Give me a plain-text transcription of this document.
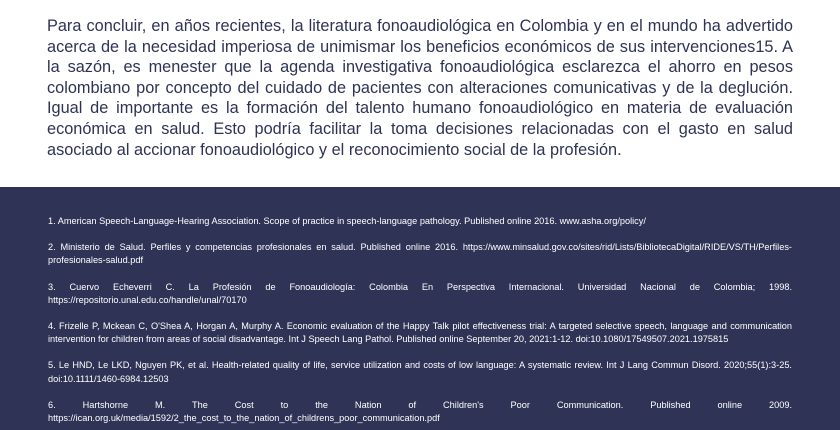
Para concluir, en años recientes, la literatura fonoaudiológica en Colombia y en el mundo ha advertido acerca de la necesidad imperiosa de unimismar los beneficios económicos de sus intervenciones15. A la sazón, es menester que la agenda investigativa fonoaudiológica esclarezca el ahorro en pesos colombiano por concepto del cuidado de pacientes con alteraciones comunicativas y de la deglución. Igual de importante es la formación del talento humano fonoaudiológico en materia de evaluación económica en salud. Esto podría facilitar la toma decisiones relacionadas con el gasto en salud asociado al accionar fonoaudiológico y el reconocimiento social de la profesión.

1. American Speech-Language-Hearing Association. Scope of practice in speech-language pathology. Published online 2016. www.asha.org/policy/

2. Ministerio de Salud. Perfiles y competencias profesionales en salud. Published online 2016. https://www.minsalud.gov.co/sites/rid/Lists/BibliotecaDigital/RIDE/VS/TH/Perfiles-profesionales-salud.pdf

3. Cuervo Echeverri C. La Profesión de Fonoaudiología: Colombia En Perspectiva Internacional. Universidad Nacional de Colombia; 1998. https://repositorio.unal.edu.co/handle/unal/70170

4. Frizelle P, Mckean C, O'Shea A, Horgan A, Murphy A. Economic evaluation of the Happy Talk pilot effectiveness trial: A targeted selective speech, language and communication intervention for children from areas of social disadvantage. Int J Speech Lang Pathol. Published online September 20, 2021:1-12. doi:10.1080/17549507.2021.1975815

5. Le HND, Le LKD, Nguyen PK, et al. Health-related quality of life, service utilization and costs of low language: A systematic review. Int J Lang Commun Disord. 2020;55(1):3-25. doi:10.1111/1460-6984.12503

6. Hartshorne M. The Cost to the Nation of Children's Poor Communication. Published online 2009. https://ican.org.uk/media/1592/2_the_cost_to_the_nation_of_childrens_poor_communication.pdf
